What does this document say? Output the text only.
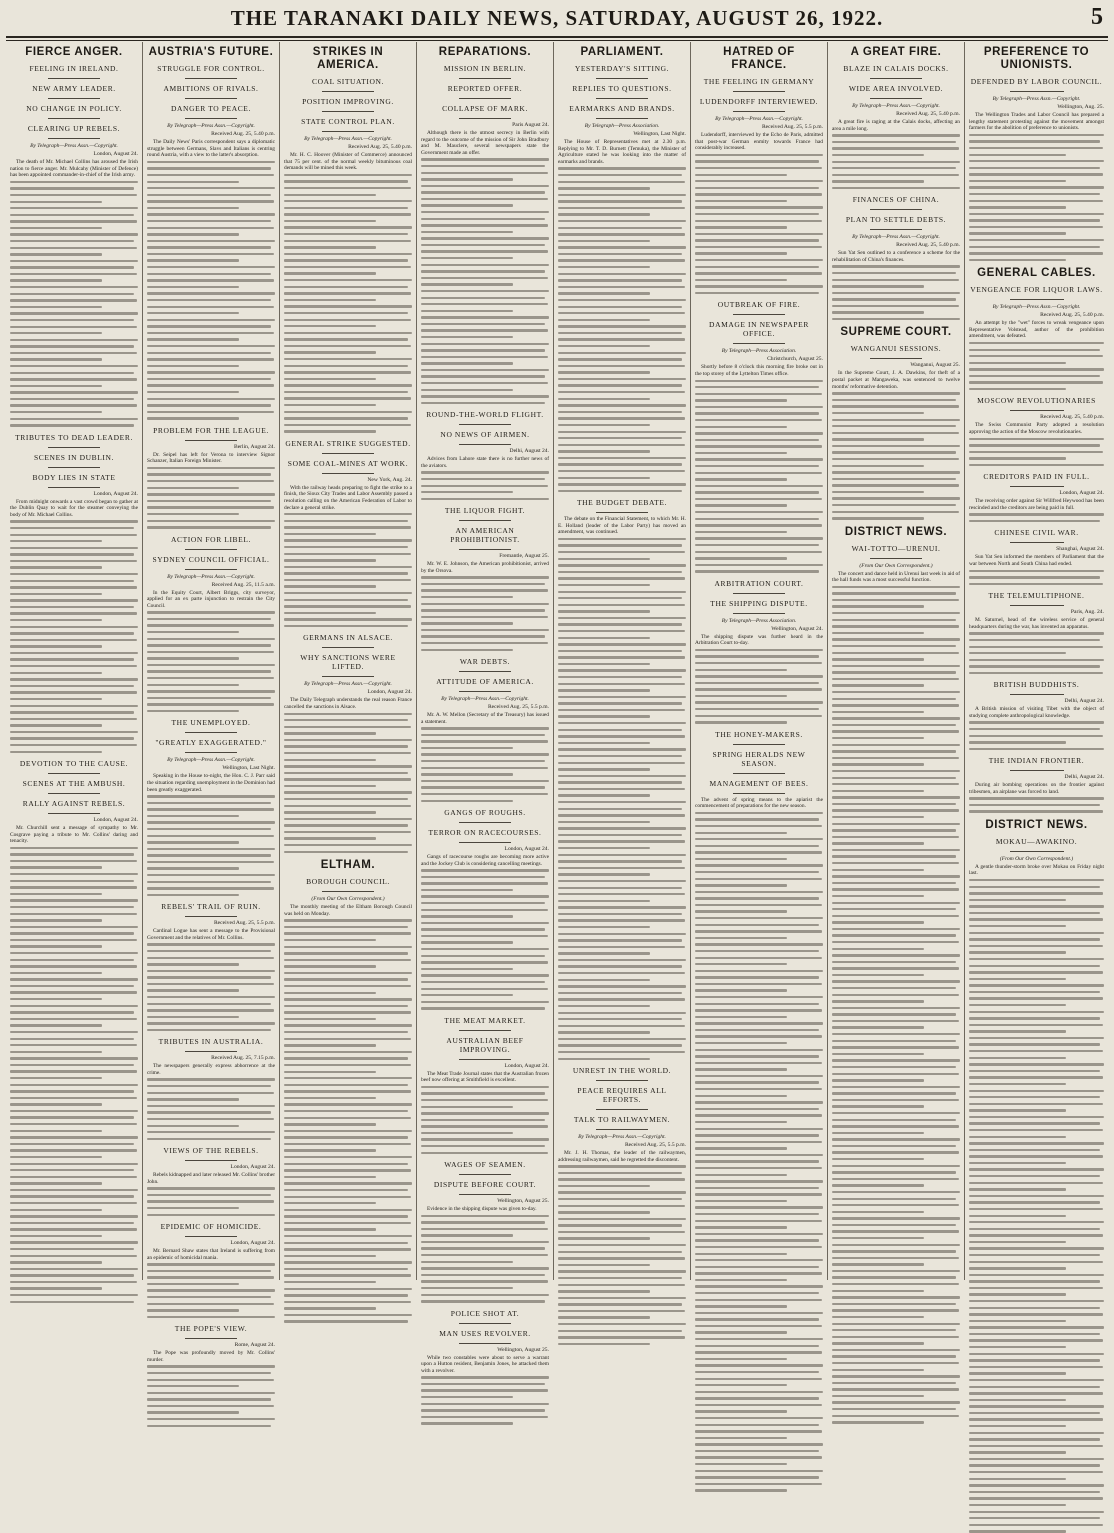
THE TARANAKI DAILY NEWS, SATURDAY, AUGUST 26, 1922.	5
FIERCE ANGER.
FEELING IN IRELAND.
NEW ARMY LEADER.
NO CHANGE IN POLICY.
CLEARING UP REBELS.
By Telegraph—Press Assn.—Copyright.
London, August 24.
The death of Mr. Michael Collins has aroused the Irish nation to fierce anger. Mr. Mulcahy (Minister of Defence) has been appointed commander-in-chief of the Irish army.
TRIBUTES TO DEAD LEADER.
SCENES IN DUBLIN.
BODY LIES IN STATE
London, August 24.
From midnight onwards a vast crowd began to gather at the Dublin Quay to wait for the steamer conveying the body of Mr. Michael Collins.
DEVOTION TO THE CAUSE.
SCENES AT THE AMBUSH.
RALLY AGAINST REBELS.
London, August 24.
Mr. Churchill sent a message of sympathy to Mr. Cosgrave paying a tribute to Mr. Collins' daring and tenacity.
AUSTRIA'S FUTURE.
STRUGGLE FOR CONTROL.
AMBITIONS OF RIVALS.
DANGER TO PEACE.
By Telegraph—Press Assn.—Copyright.
Received Aug. 25, 5.40 p.m.
The Daily News' Paris correspondent says a diplomatic struggle between Germans, Slavs and Italians is centring round Austria, with a view to the latter's absorption.
PROBLEM FOR THE LEAGUE.
Berlin, August 24.
Dr. Seipel has left for Verona to interview Signor Schanzer, Italian Foreign Minister.
ACTION FOR LIBEL.
SYDNEY COUNCIL OFFICIAL.
By Telegraph—Press Assn.—Copyright.
Received Aug. 25, 11.5 a.m.
In the Equity Court, Albert Briggs, city surveyor, applied for an ex parte injunction to restrain the City Council.
THE UNEMPLOYED.
"GREATLY EXAGGERATED."
By Telegraph—Press Assn.—Copyright.
Wellington, Last Night.
Speaking in the House to-night, the Hon. C. J. Parr said the situation regarding unemployment in the Dominion had been greatly exaggerated.
REBELS' TRAIL OF RUIN.
Received Aug. 25, 5.5 p.m.
Cardinal Logue has sent a message to the Provisional Government and the relatives of Mr. Collins.
TRIBUTES IN AUSTRALIA.
Received Aug. 25, 7.15 p.m.
The newspapers generally express abhorrence at the crime.
VIEWS OF THE REBELS.
London, August 24.
Rebels kidnapped and later released Mr. Collins' brother John.
EPIDEMIC OF HOMICIDE.
London, August 24.
Mr. Bernard Shaw states that Ireland is suffering from an epidemic of homicidal mania.
THE POPE'S VIEW.
Rome, August 24.
The Pope was profoundly moved by Mr. Collins' murder.
STRIKES IN AMERICA.
COAL SITUATION.
POSITION IMPROVING.
STATE CONTROL PLAN.
By Telegraph—Press Assn.—Copyright.
Received Aug. 25, 5.40 p.m.
Mr. H. C. Hoover (Minister of Commerce) announced that 75 per cent. of the normal weekly bituminous coal demands will be mined this week.
GENERAL STRIKE SUGGESTED.
SOME COAL-MINES AT WORK.
New York, Aug. 24.
With the railway heads preparing to fight the strike to a finish, the Sioux City Trades and Labor Assembly passed a resolution calling on the American Federation of Labor to declare a general strike.
GERMANS IN ALSACE.
WHY SANCTIONS WERE LIFTED.
By Telegraph—Press Assn.—Copyright.
London, August 24.
The Daily Telegraph understands the real reason France cancelled the sanctions in Alsace.
ELTHAM.
BOROUGH COUNCIL.
(From Our Own Correspondent.)
The monthly meeting of the Eltham Borough Council was held on Monday.
REPARATIONS.
MISSION IN BERLIN.
REPORTED OFFER.
COLLAPSE OF MARK.
Paris August 24.
Although there is the utmost secrecy in Berlin with regard to the outcome of the mission of Sir John Bradbury and M. Mauclere, several newspapers state the Government made an offer.
ROUND-THE-WORLD FLIGHT.
NO NEWS OF AIRMEN.
Delhi, August 24.
Advices from Lahore state there is no further news of the aviators.
THE LIQUOR FIGHT.
AN AMERICAN PROHIBITIONIST.
Fremantle, August 25.
Mr. W. E. Johnson, the American prohibitionist, arrived by the Orsova.
WAR DEBTS.
ATTITUDE OF AMERICA.
By Telegraph—Press Assn.—Copyright.
Received Aug. 25, 5.5 p.m.
Mr. A. W. Mellon (Secretary of the Treasury) has issued a statement.
GANGS OF ROUGHS.
TERROR ON RACECOURSES.
London, August 24.
Gangs of racecourse roughs are becoming more active and the Jockey Club is considering cancelling meetings.
THE MEAT MARKET.
AUSTRALIAN BEEF IMPROVING.
London, August 24.
The Meat Trade Journal states that the Australian frozen beef now offering at Smithfield is excellent.
WAGES OF SEAMEN.
DISPUTE BEFORE COURT.
Wellington, August 25.
Evidence in the shipping dispute was given to-day.
POLICE SHOT AT.
MAN USES REVOLVER.
Wellington, August 25.
While two constables were about to serve a warrant upon a Hutton resident, Benjamin Jones, he attacked them with a revolver.
PARLIAMENT.
YESTERDAY'S SITTING.
REPLIES TO QUESTIONS.
EARMARKS AND BRANDS.
By Telegraph—Press Association.
Wellington, Last Night.
The House of Representatives met at 2.30 p.m. Replying to Mr. T. D. Burnett (Temuka), the Minister of Agriculture stated he was looking into the matter of earmarks and brands.
THE BUDGET DEBATE.
The debate on the Financial Statement, to which Mr. H. E. Holland (leader of the Labor Party) has moved an amendment, was continued.
UNREST IN THE WORLD.
PEACE REQUIRES ALL EFFORTS.
TALK TO RAILWAYMEN.
By Telegraph—Press Assn.—Copyright.
Received Aug. 25, 5.5 p.m.
Mr. J. H. Thomas, the leader of the railwaymen, addressing railwaymen, said he regretted the discontent.
HATRED OF FRANCE.
THE FEELING IN GERMANY
LUDENDORFF INTERVIEWED.
By Telegraph—Press Assn.—Copyright.
Received Aug. 25, 5.5 p.m.
Ludendorff, interviewed by the Echo de Paris, admitted that post-war German enmity towards France had considerably increased.
OUTBREAK OF FIRE.
DAMAGE IN NEWSPAPER OFFICE.
By Telegraph—Press Association.
Christchurch, August 25.
Shortly before 8 o'clock this morning fire broke out in the top storey of the Lyttelton Times office.
ARBITRATION COURT.
THE SHIPPING DISPUTE.
By Telegraph—Press Association.
Wellington, August 24.
The shipping dispute was further heard in the Arbitration Court to-day.
THE HONEY-MAKERS.
SPRING HERALDS NEW SEASON.
MANAGEMENT OF BEES.
The advent of spring means to the apiarist the commencement of preparations for the new season.
A GREAT FIRE.
BLAZE IN CALAIS DOCKS.
WIDE AREA INVOLVED.
By Telegraph—Press Assn.—Copyright.
Received Aug. 25, 5.40 p.m.
A great fire is raging at the Calais docks, affecting an area a mile long.
FINANCES OF CHINA.
PLAN TO SETTLE DEBTS.
By Telegraph—Press Assn.—Copyright.
Received Aug. 25, 5.40 p.m.
Sun Yat Sen outlined to a conference a scheme for the rehabilitation of China's finances.
SUPREME COURT.
WANGANUI SESSIONS.
Wanganui, August 25.
In the Supreme Court, J. A. Dawkins, for theft of a postal packet at Mangaweka, was sentenced to twelve months' reformative detention.
DISTRICT NEWS.
WAI-TOTTO—URENUI.
(From Our Own Correspondent.)
The concert and dance held in Urenui last week in aid of the hall funds was a most successful function.
PREFERENCE TO UNIONISTS.
DEFENDED BY LABOR COUNCIL.
By Telegraph—Press Assn.—Copyright.
Wellington, Aug. 25.
The Wellington Trades and Labor Council has prepared a lengthy statement protesting against the movement amongst farmers for the abolition of preference to unionists.
GENERAL CABLES.
VENGEANCE FOR LIQUOR LAWS.
By Telegraph—Press Assn.—Copyright.
Received Aug. 25, 5.40 p.m.
An attempt by the "wet" forces to wreak vengeance upon Representative Volstead, author of the prohibition amendment, was defeated.
MOSCOW REVOLUTIONARIES
Received Aug. 25, 5.40 p.m.
The Swiss Communist Party adopted a resolution approving the action of the Moscow revolutionaries.
CREDITORS PAID IN FULL.
London, August 24.
The receiving order against Sir Willfred Heywood has been rescinded and the creditors are being paid in full.
CHINESE CIVIL WAR.
Shanghai, August 24.
Sun Yat Sen informed the members of Parliament that the war between North and South China had ended.
THE TELEMULTIPHONE.
Paris, Aug. 24.
M. Saturnel, head of the wireless service of general headquarters during the war, has invented an apparatus.
BRITISH BUDDHISTS.
Delhi, August 24.
A British mission of visiting Tibet with the object of studying complete anthropological knowledge.
THE INDIAN FRONTIER.
Delhi, August 24.
During air bombing operations on the frontier against tribesmen, an airplane was forced to land.
DISTRICT NEWS.
MOKAU—AWAKINO.
(From Our Own Correspondent.)
A gentle thunder-storm broke over Mokau on Friday night last.
